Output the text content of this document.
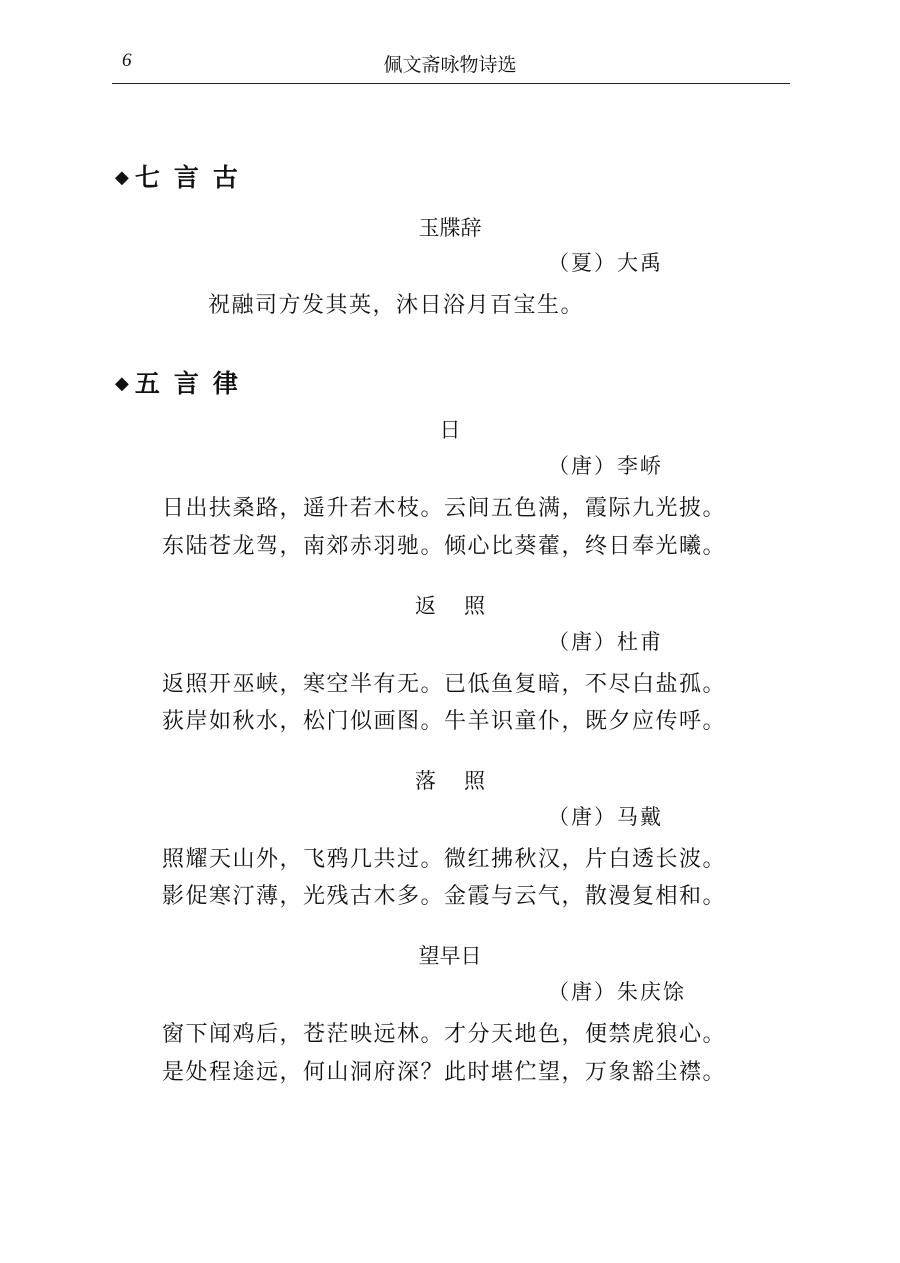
6	佩文斋咏物诗选
◆七言古
玉牒辞
（夏）大禹
祝融司方发其英，沐日浴月百宝生。
◆五言律
日
（唐）李峤
日出扶桑路，遥升若木枝。云间五色满，霞际九光披。
东陆苍龙驾，南郊赤羽驰。倾心比葵藿，终日奉光曦。
返照
（唐）杜甫
返照开巫峡，寒空半有无。已低鱼复暗，不尽白盐孤。
荻岸如秋水，松门似画图。牛羊识童仆，既夕应传呼。
落照
（唐）马戴
照耀天山外，飞鸦几共过。微红拂秋汉，片白透长波。
影促寒汀薄，光残古木多。金霞与云气，散漫复相和。
望早日
（唐）朱庆馀
窗下闻鸡后，苍茫映远林。才分天地色，便禁虎狼心。
是处程途远，何山洞府深？此时堪伫望，万象豁尘襟。
